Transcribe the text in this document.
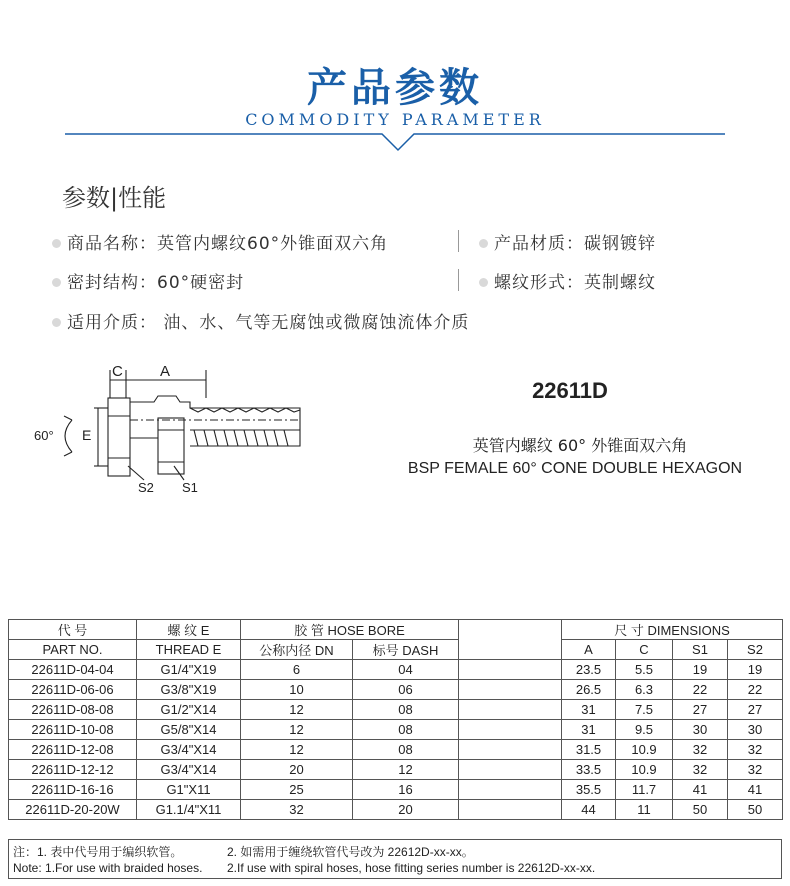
产品参数
COMMODITY PARAMETER
参数|性能
商品名称：英管内螺纹60°外锥面双六角	产品材质：碳钢镀锌
密封结构：60°硬密封	螺纹形式：英制螺纹
适用介质： 油、水、气等无腐蚀或微腐蚀流体介质
C A
60° E
S2 S1
22611D
英管内螺纹 60° 外锥面双六角
BSP FEMALE 60° CONE DOUBLE HEXAGON
代 号	螺 纹 E	胶 管 HOSE BORE			尺 寸 DIMENSIONS			
PART NO.	THREAD E	公称内径 DN	标号 DASH		A	C	S1	S2
22611D-04-04	G1/4"X19	6	04		23.5	5.5	19	19
22611D-06-06	G3/8"X19	10	06		26.5	6.3	22	22
22611D-08-08	G1/2"X14	12	08		31	7.5	27	27
22611D-10-08	G5/8"X14	12	08		31	9.5	30	30
22611D-12-08	G3/4"X14	12	08		31.5	10.9	32	32
22611D-12-12	G3/4"X14	20	12		33.5	10.9	32	32
22611D-16-16	G1"X11	25	16		35.5	11.7	41	41
22611D-20-20W	G1.1/4"X11	32	20		44	11	50	50
注：1. 表中代号用于编织软管。	2. 如需用于缠绕软管代号改为 22612D-xx-xx。
Note: 1.For use with braided hoses. 2.If use with spiral hoses, hose fitting series number is 22612D-xx-xx.
